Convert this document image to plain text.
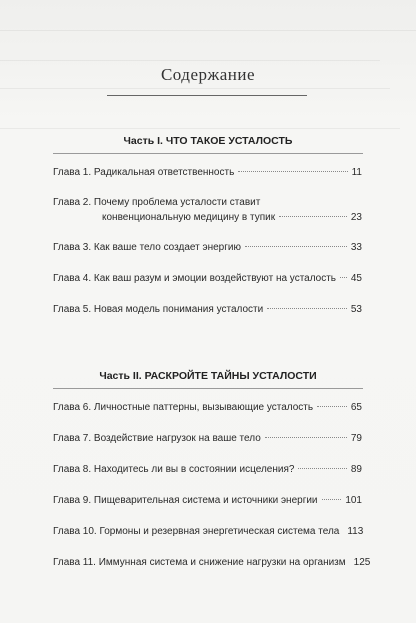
Содержание
Часть I. ЧТО ТАКОЕ УСТАЛОСТЬ
Глава 1. Радикальная ответственность	11
Глава 2. Почему проблема усталости ставит
конвенциональную медицину в тупик	23
Глава 3. Как ваше тело создает энергию	33
Глава 4. Как ваш разум и эмоции воздействуют на усталость 45
Глава 5. Новая модель понимания усталости	53
Часть II. РАСКРОЙТЕ ТАЙНЫ УСТАЛОСТИ
Глава 6. Личностные паттерны, вызывающие усталость	65
Глава 7. Воздействие нагрузок на ваше тело	79
Глава 8. Находитесь ли вы в состоянии исцеления?	89
Глава 9. Пищеварительная система и источники энергии	101
Глава 10. Гормоны и резервная энергетическая система тела 113
Глава 11. Иммунная система и снижение нагрузки на организм 125
